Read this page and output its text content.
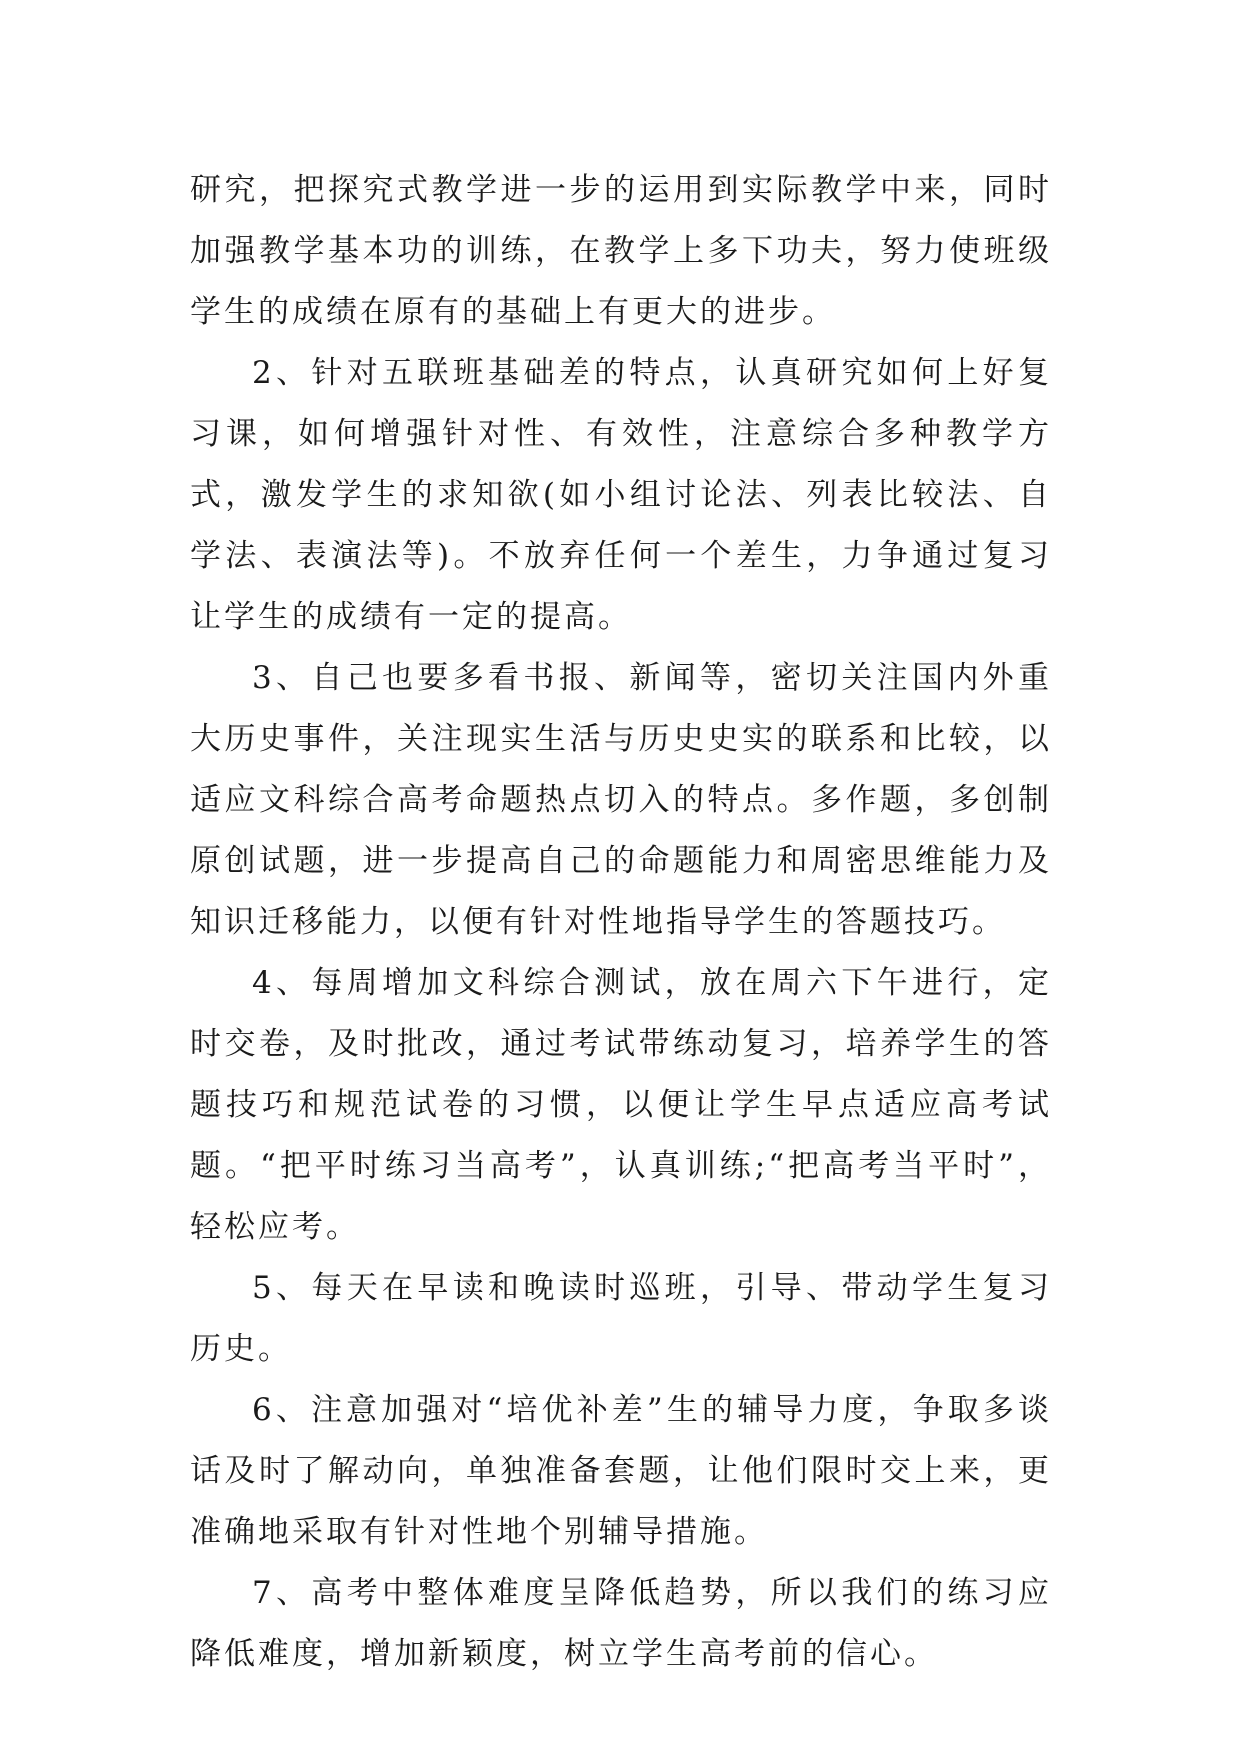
研究，把探究式教学进一步的运用到实际教学中来，同时加强教学基本功的训练，在教学上多下功夫，努力使班级学生的成绩在原有的基础上有更大的进步。

2、针对五联班基础差的特点，认真研究如何上好复习课，如何增强针对性、有效性，注意综合多种教学方式，激发学生的求知欲(如小组讨论法、列表比较法、自学法、表演法等)。不放弃任何一个差生，力争通过复习让学生的成绩有一定的提高。

3、自己也要多看书报、新闻等，密切关注国内外重大历史事件，关注现实生活与历史史实的联系和比较，以适应文科综合高考命题热点切入的特点。多作题，多创制原创试题，进一步提高自己的命题能力和周密思维能力及知识迁移能力，以便有针对性地指导学生的答题技巧。

4、每周增加文科综合测试，放在周六下午进行，定时交卷，及时批改，通过考试带练动复习，培养学生的答题技巧和规范试卷的习惯，以便让学生早点适应高考试题。“把平时练习当高考”，认真训练;“把高考当平时”，轻松应考。

5、每天在早读和晚读时巡班，引导、带动学生复习历史。

6、注意加强对“培优补差”生的辅导力度，争取多谈话及时了解动向，单独准备套题，让他们限时交上来，更准确地采取有针对性地个别辅导措施。

7、高考中整体难度呈降低趋势，所以我们的练习应降低难度，增加新颖度，树立学生高考前的信心。
